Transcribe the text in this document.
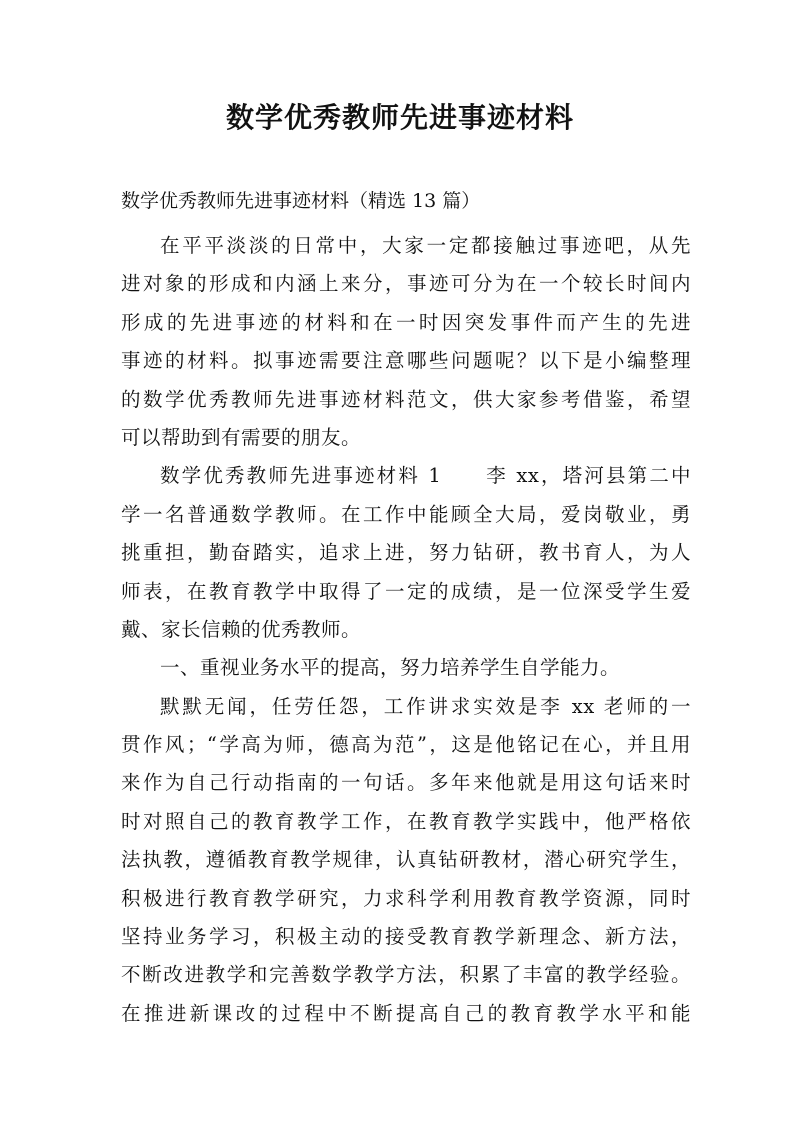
数学优秀教师先进事迹材料

数学优秀教师先进事迹材料（精选 13 篇）

在平平淡淡的日常中，大家一定都接触过事迹吧，从先
进对象的形成和内涵上来分，事迹可分为在一个较长时间内
形成的先进事迹的材料和在一时因突发事件而产生的先进
事迹的材料。拟事迹需要注意哪些问题呢？以下是小编整理
的数学优秀教师先进事迹材料范文，供大家参考借鉴，希望
可以帮助到有需要的朋友。
数学优秀教师先进事迹材料 1　　李 xx，塔河县第二中
学一名普通数学教师。在工作中能顾全大局，爱岗敬业，勇
挑重担，勤奋踏实，追求上进，努力钻研，教书育人，为人
师表，在教育教学中取得了一定的成绩，是一位深受学生爱
戴、家长信赖的优秀教师。
一、重视业务水平的提高，努力培养学生自学能力。
默默无闻，任劳任怨，工作讲求实效是李 xx 老师的一
贯作风；“学高为师，德高为范”，这是他铭记在心，并且用
来作为自己行动指南的一句话。多年来他就是用这句话来时
时对照自己的教育教学工作，在教育教学实践中，他严格依
法执教，遵循教育教学规律，认真钻研教材，潜心研究学生，
积极进行教育教学研究，力求科学利用教育教学资源，同时
坚持业务学习，积极主动的接受教育教学新理念、新方法，
不断改进教学和完善数学教学方法，积累了丰富的教学经验。
在推进新课改的过程中不断提高自己的教育教学水平和能
